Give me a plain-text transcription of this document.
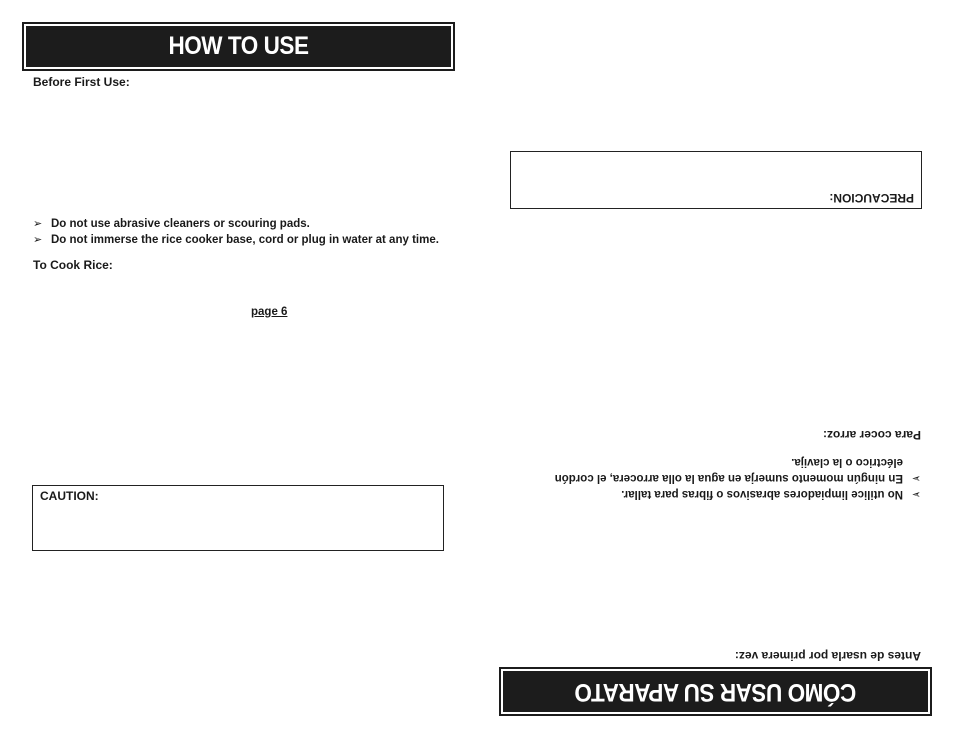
HOW TO USE
Before First Use:
➢ Do not use abrasive cleaners or scouring pads.
➢ Do not immerse the rice cooker base, cord or plug in water at any time.
To Cook Rice:
page 6
CAUTION:
CÓMO USAR SU APARATO
Antes de usarla por primera vez:
➢
No utilice limpiadores abrasivos o fibras para tallar.
➢
En ningún momento sumerja en agua la olla arrocera, el cordón eléctrico o la clavija.
Para cocer arroz:
PRECAUCION:
